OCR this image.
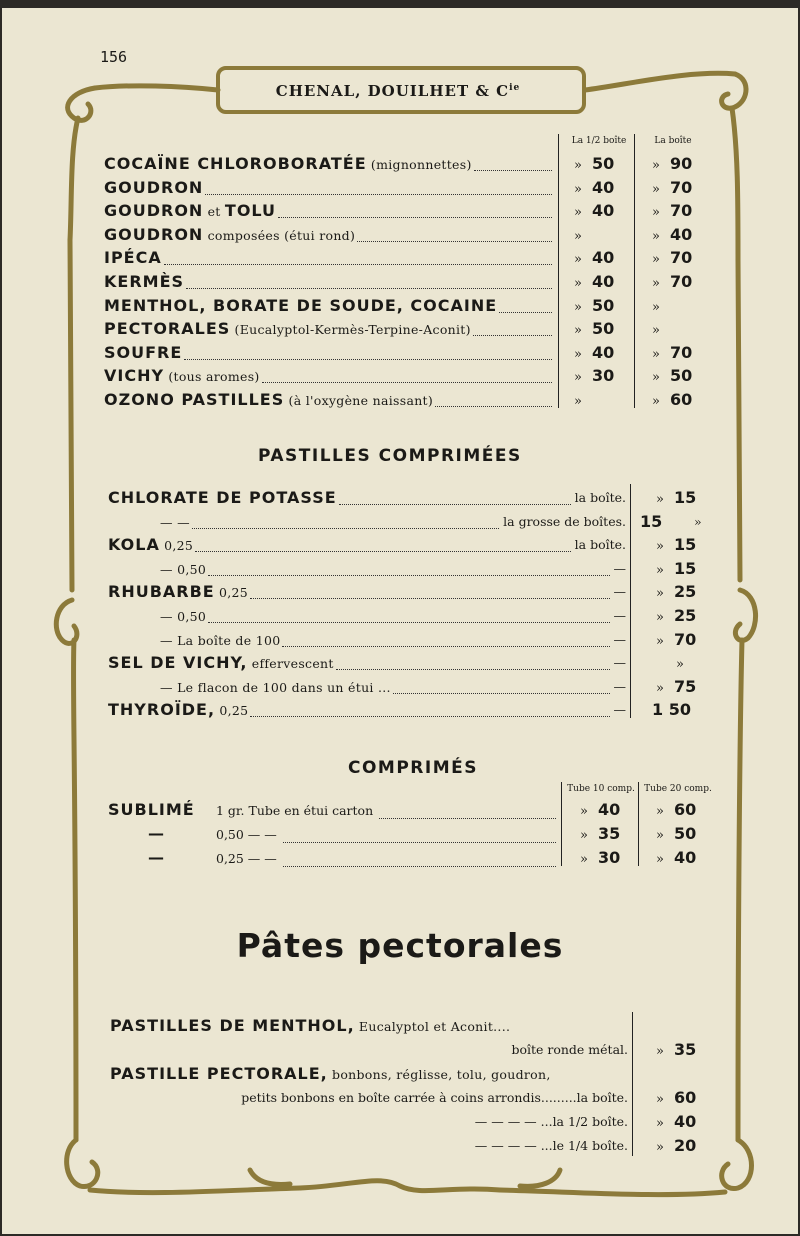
156
CHENAL, DOUILHET & $C^{ie}$
La 1/2 boîte	La boîte
COCAÏNE CHLOROBORATÉE (mignonnettes)	» 50	» 90
GOUDRON	» 40	» 70
GOUDRON et TOLU	» 40	» 70
GOUDRON composées (étui rond)	»	» 40
IPÉCA	» 40	» 70
KERMÈS	» 40	» 70
MENTHOL, BORATE DE SOUDE, COCAINE	» 50	»
PECTORALES (Eucalyptol-Kermès-Terpine-Aconit)	» 50	»
SOUFRE	» 40	» 70
VICHY (tous aromes)	» 30	» 50
OZONO PASTILLES (à l'oxygène naissant)	»	» 60
PASTILLES COMPRIMÉES
CHLORATE DE POTASSE	la boîte. » 15
— —	la grosse de boîtes. 15	»
KOLA 0,25	la boîte. » 15
— 0,50	— » 15
RHUBARBE 0,25	— » 25
— 0,50	— » 25
— La boîte de 100	— » 70
SEL DE VICHY, effervescent	—	»
— Le flacon de 100 dans un étui ...	— » 75
THYROÏDE, 0,25	— 1 50
COMPRIMÉS
Tube 10 comp.	Tube 20 comp.
SUBLIMÉ 1 gr. Tube en étui carton	» 40	» 60
—	0,50 — —	» 35	» 50
—	0,25 — —	» 30	» 40
Pâtes pectorales
PASTILLES DE MENTHOL, Eucalyptol et Aconit....
boîte ronde métal. » 35
PASTILLE PECTORALE, bonbons, réglisse, tolu, goudron,
petits bonbons en boîte carrée à coins arrondis.........la boîte. » 60
— — — — ...la 1/2 boîte. » 40
— — — — ...le 1/4 boîte. » 20
